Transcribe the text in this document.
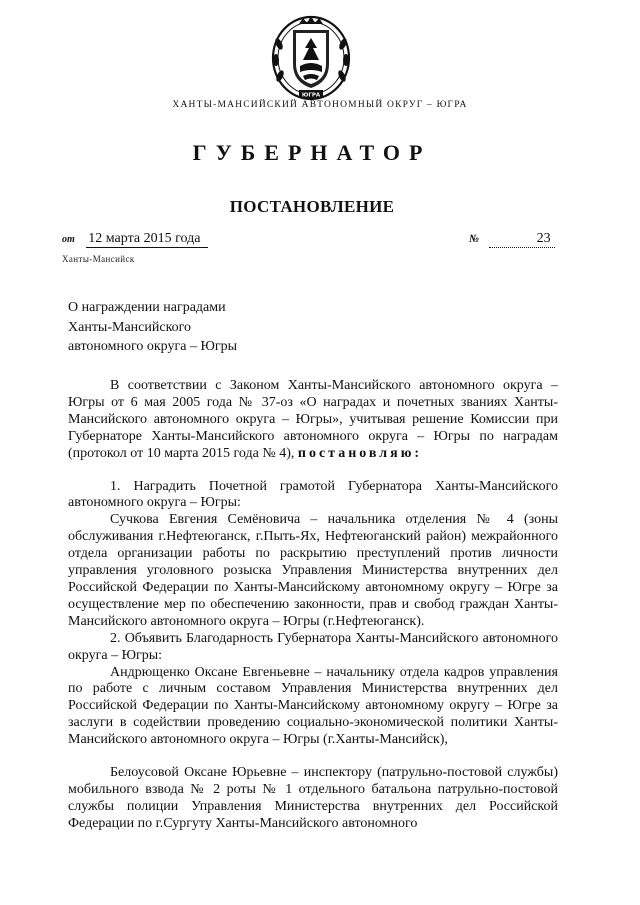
ЮГРА
ХАНТЫ-МАНСИЙСКИЙ АВТОНОМНЫЙ ОКРУГ – ЮГРА
ГУБЕРНАТОР
ПОСТАНОВЛЕНИЕ
от 12 марта 2015 года	№	23
Ханты-Мансийск
О награждении наградами
Ханты-Мансийского
автономного округа – Югры

В соответствии с Законом Ханты-Мансийского автономного округа – Югры от 6 мая 2005 года № 37-оз «О наградах и почетных званиях Ханты-Мансийского автономного округа – Югры», учитывая решение Комиссии при Губернаторе Ханты-Мансийского автономного округа – Югры по наградам (протокол от 10 марта 2015 года № 4), постановляю:

1. Наградить Почетной грамотой Губернатора Ханты-Мансийского автономного округа – Югры:

Сучкова Евгения Семёновича – начальника отделения № 4 (зоны обслуживания г.Нефтеюганск, г.Пыть-Ях, Нефтеюганский район) межрайонного отдела организации работы по раскрытию преступлений против личности управления уголовного розыска Управления Министерства внутренних дел Российской Федерации по Ханты-Мансийскому автономному округу – Югре за осуществление мер по обеспечению законности, прав и свобод граждан Ханты-Мансийского автономного округа – Югры (г.Нефтеюганск).

2. Объявить Благодарность Губернатора Ханты-Мансийского автономного округа – Югры:

Андрющенко Оксане Евгеньевне – начальнику отдела кадров управления по работе с личным составом Управления Министерства внутренних дел Российской Федерации по Ханты-Мансийскому автономному округу – Югре за заслуги в содействии проведению социально-экономической политики Ханты-Мансийского автономного округа – Югры (г.Ханты-Мансийск),

Белоусовой Оксане Юрьевне – инспектору (патрульно-постовой службы) мобильного взвода № 2 роты № 1 отдельного батальона патрульно-постовой службы полиции Управления Министерства внутренних дел Российской Федерации по г.Сургуту Ханты-Мансийского автономного
